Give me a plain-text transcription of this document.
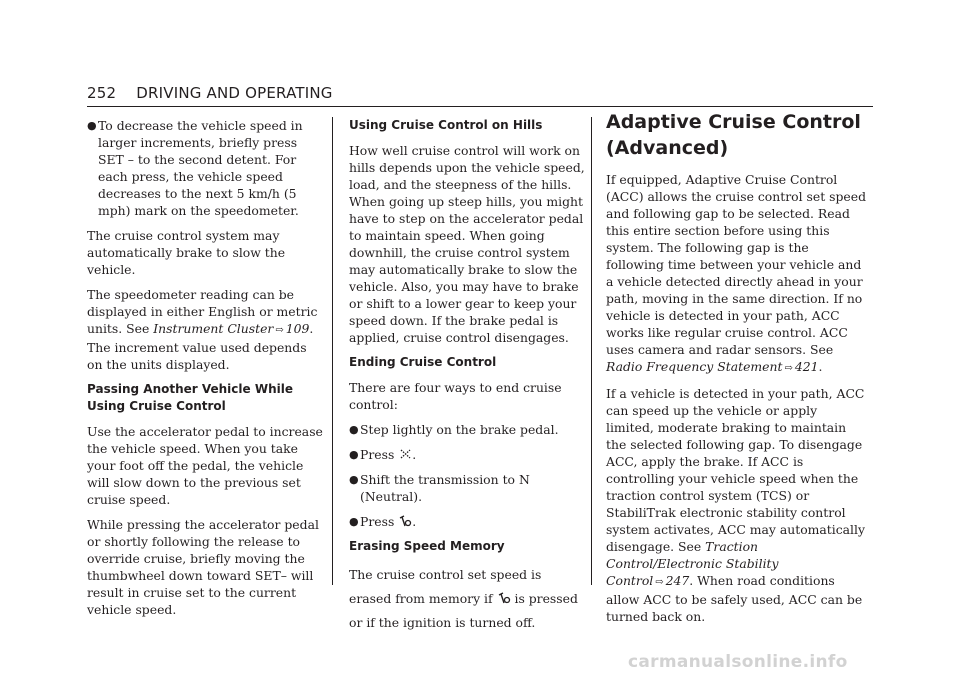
252 DRIVING AND OPERATING
● To decrease the vehicle speed in larger increments, briefly press SET – to the second detent. For each press, the vehicle speed decreases to the next 5 km/h (5 mph) mark on the speedometer.

The cruise control system may automatically brake to slow the vehicle.

The speedometer reading can be displayed in either English or metric units. See Instrument Cluster ⇨ 109. The increment value used depends on the units displayed.

Passing Another Vehicle While Using Cruise Control

Use the accelerator pedal to increase the vehicle speed. When you take your foot off the pedal, the vehicle will slow down to the previous set cruise speed.

While pressing the accelerator pedal or shortly following the release to override cruise, briefly moving the thumbwheel down toward SET– will result in cruise set to the current vehicle speed.

Using Cruise Control on Hills

How well cruise control will work on hills depends upon the vehicle speed, load, and the steepness of the hills. When going up steep hills, you might have to step on the accelerator pedal to maintain speed. When going downhill, the cruise control system may automatically brake to slow the vehicle. Also, you may have to brake or shift to a lower gear to keep your speed down. If the brake pedal is applied, cruise control disengages.

Ending Cruise Control

There are four ways to end cruise control:

● Step lightly on the brake pedal.
● Press .
● Shift the transmission to N (Neutral).
● Press .
Erasing Speed Memory

The cruise control set speed is erased from memory if is pressed or if the ignition is turned off.

Adaptive Cruise Control (Advanced)

If equipped, Adaptive Cruise Control (ACC) allows the cruise control set speed and following gap to be selected. Read this entire section before using this system. The following gap is the following time between your vehicle and a vehicle detected directly ahead in your path, moving in the same direction. If no vehicle is detected in your path, ACC works like regular cruise control. ACC uses camera and radar sensors. See Radio Frequency Statement ⇨ 421.

If a vehicle is detected in your path, ACC can speed up the vehicle or apply limited, moderate braking to maintain the selected following gap. To disengage ACC, apply the brake. If ACC is controlling your vehicle speed when the traction control system (TCS) or StabiliTrak electronic stability control system activates, ACC may automatically disengage. See Traction Control/Electronic Stability Control ⇨ 247. When road conditions allow ACC to be safely used, ACC can be turned back on.

carmanualsonline.info
